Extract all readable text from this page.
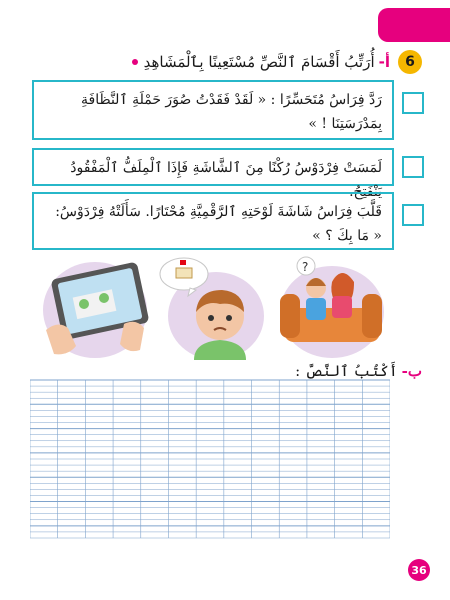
6
أ-
أُرَتِّبُ أَقْسَامَ ٱلنَّصِّ مُسْتَعِينًا بِٱلْمَشَاهِدِ
رَدَّ فِرَاسُ مُتَحَسِّرًا : « لَقَدْ فَقَدْتُ صُوَرَ حَمْلَةِ ٱلنَّظَافَةِ بِمَدْرَسَتِنَا ! »
لَمَسَتْ فِرْدَوْسُ رُكْنًا مِنَ ٱلشَّاشَةِ فَإِذَا ٱلْمِلَفُّ ٱلْمَفْقُودُ يَنْفَتِحُ.
قَلَّبَ فِرَاسُ شَاشَةَ لَوْحَتِهِ ٱلرَّقْمِيَّةِ مُحْتَارًا. سَأَلَتْهُ فِرْدَوْسُ: « مَا بِكَ ؟ »
?
ب-
أَكْتُبُ ٱلنَّصَّ :
36
